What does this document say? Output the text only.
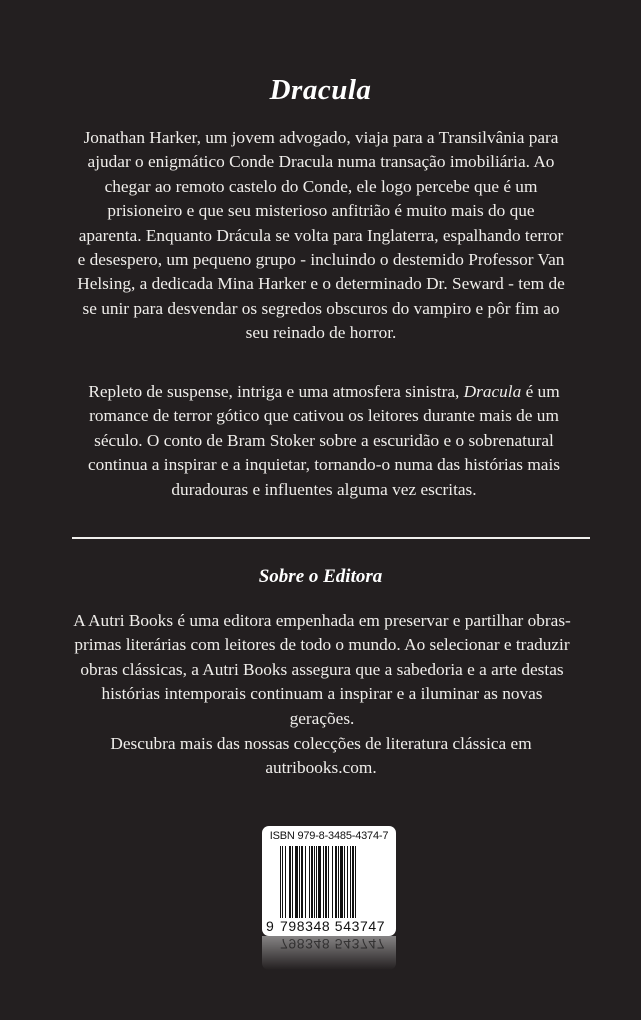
Dracula

Jonathan Harker, um jovem advogado, viaja para a Transilvânia para ajudar o enigmático Conde Dracula numa transação imobiliária. Ao chegar ao remoto castelo do Conde, ele logo percebe que é um prisioneiro e que seu misterioso anfitrião é muito mais do que aparenta. Enquanto Drácula se volta para Inglaterra, espalhando terror e desespero, um pequeno grupo - incluindo o destemido Professor Van Helsing, a dedicada Mina Harker e o determinado Dr. Seward - tem de se unir para desvendar os segredos obscuros do vampiro e pôr fim ao seu reinado de horror.

Repleto de suspense, intriga e uma atmosfera sinistra, Dracula é um romance de terror gótico que cativou os leitores durante mais de um século. O conto de Bram Stoker sobre a escuridão e o sobrenatural continua a inspirar e a inquietar, tornando-o numa das histórias mais duradouras e influentes alguma vez escritas.

Sobre o Editora

A Autri Books é uma editora empenhada em preservar e partilhar obras-primas literárias com leitores de todo o mundo. Ao selecionar e traduzir obras clássicas, a Autri Books assegura que a sabedoria e a arte destas histórias intemporais continuam a inspirar e a iluminar as novas gerações.

Descubra mais das nossas colecções de literatura clássica em autribooks.com.

ISBN 979-8-3485-4374-7
9 798348 543747
798348 543747
